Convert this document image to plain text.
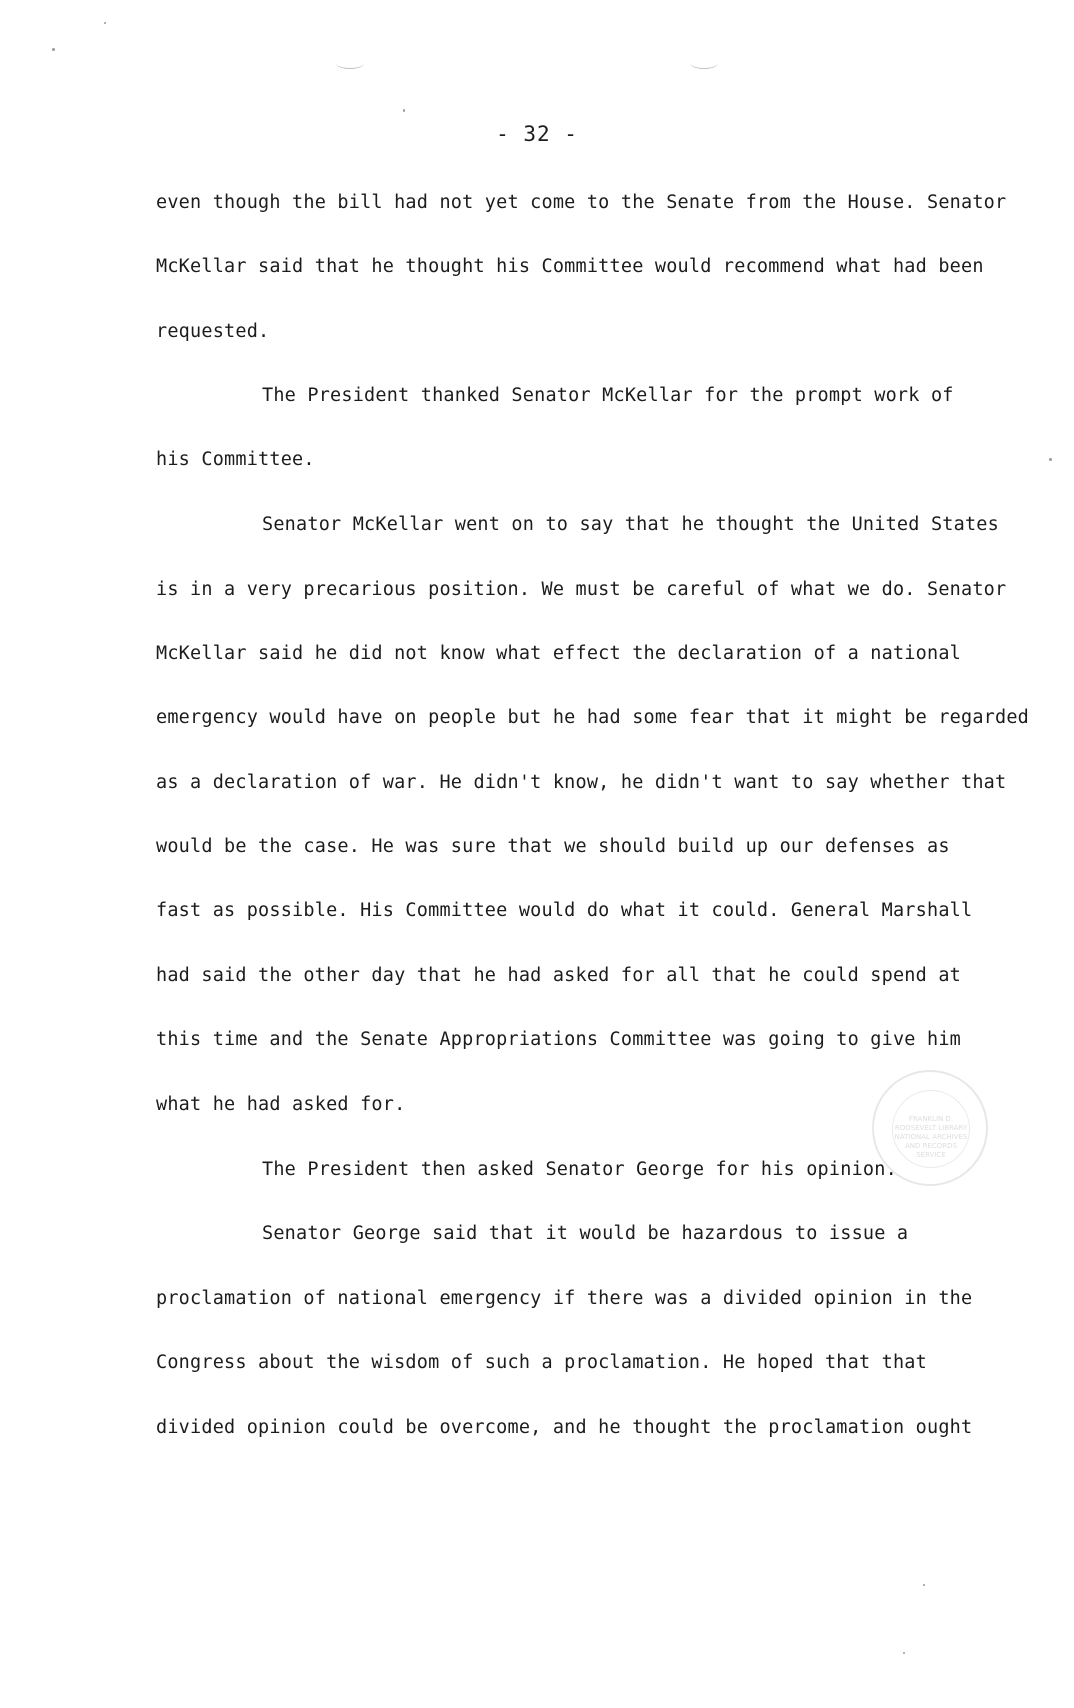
- 32 -
even though the bill had not yet come to the Senate from the House. Senator
McKellar said that he thought his Committee would recommend what had been
requested.
The President thanked Senator McKellar for the prompt work of
his Committee.
Senator McKellar went on to say that he thought the United States
is in a very precarious position. We must be careful of what we do. Senator
McKellar said he did not know what effect the declaration of a national
emergency would have on people but he had some fear that it might be regarded
as a declaration of war. He didn't know, he didn't want to say whether that
would be the case. He was sure that we should build up our defenses as
fast as possible. His Committee would do what it could. General Marshall
had said the other day that he had asked for all that he could spend at
this time and the Senate Appropriations Committee was going to give him
what he had asked for.
The President then asked Senator George for his opinion.
Senator George said that it would be hazardous to issue a
proclamation of national emergency if there was a divided opinion in the
Congress about the wisdom of such a proclamation. He hoped that that
divided opinion could be overcome, and he thought the proclamation ought
FRANKLIN D. ROOSEVELT LIBRARY NATIONAL ARCHIVES AND RECORDS SERVICE
